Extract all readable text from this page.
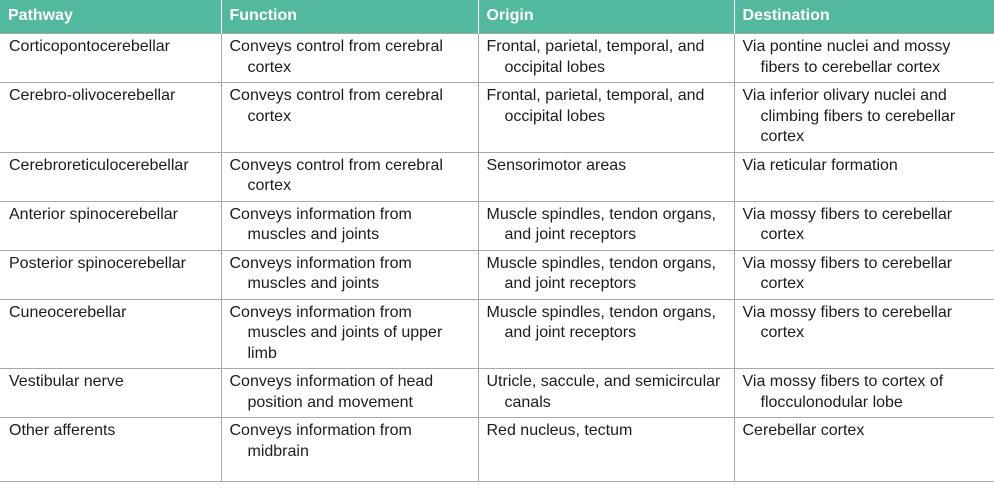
Pathway	Function	Origin	Destination

Corticopontocerebellar	Conveys control from cerebral cortex	Frontal, parietal, temporal, and occipital lobes	Via pontine nuclei and mossy fibers to cerebellar cortex

Cerebro-olivocerebellar	Conveys control from cerebral cortex	Frontal, parietal, temporal, and occipital lobes	Via inferior olivary nuclei and climbing fibers to cerebellar cortex

Cerebroreticulocerebellar	Conveys control from cerebral cortex	Sensorimotor areas	Via reticular formation

Anterior spinocerebellar	Conveys information from muscles and joints	Muscle spindles, tendon organs, and joint receptors	Via mossy fibers to cerebellar cortex

Posterior spinocerebellar	Conveys information from muscles and joints	Muscle spindles, tendon organs, and joint receptors	Via mossy fibers to cerebellar cortex

Cuneocerebellar	Conveys information from muscles and joints of upper limb	Muscle spindles, tendon organs, and joint receptors	Via mossy fibers to cerebellar cortex

Vestibular nerve	Conveys information of head position and movement	Utricle, saccule, and semicircular canals	Via mossy fibers to cortex of flocculonodular lobe

Other afferents	Conveys information from midbrain	Red nucleus, tectum	Cerebellar cortex
